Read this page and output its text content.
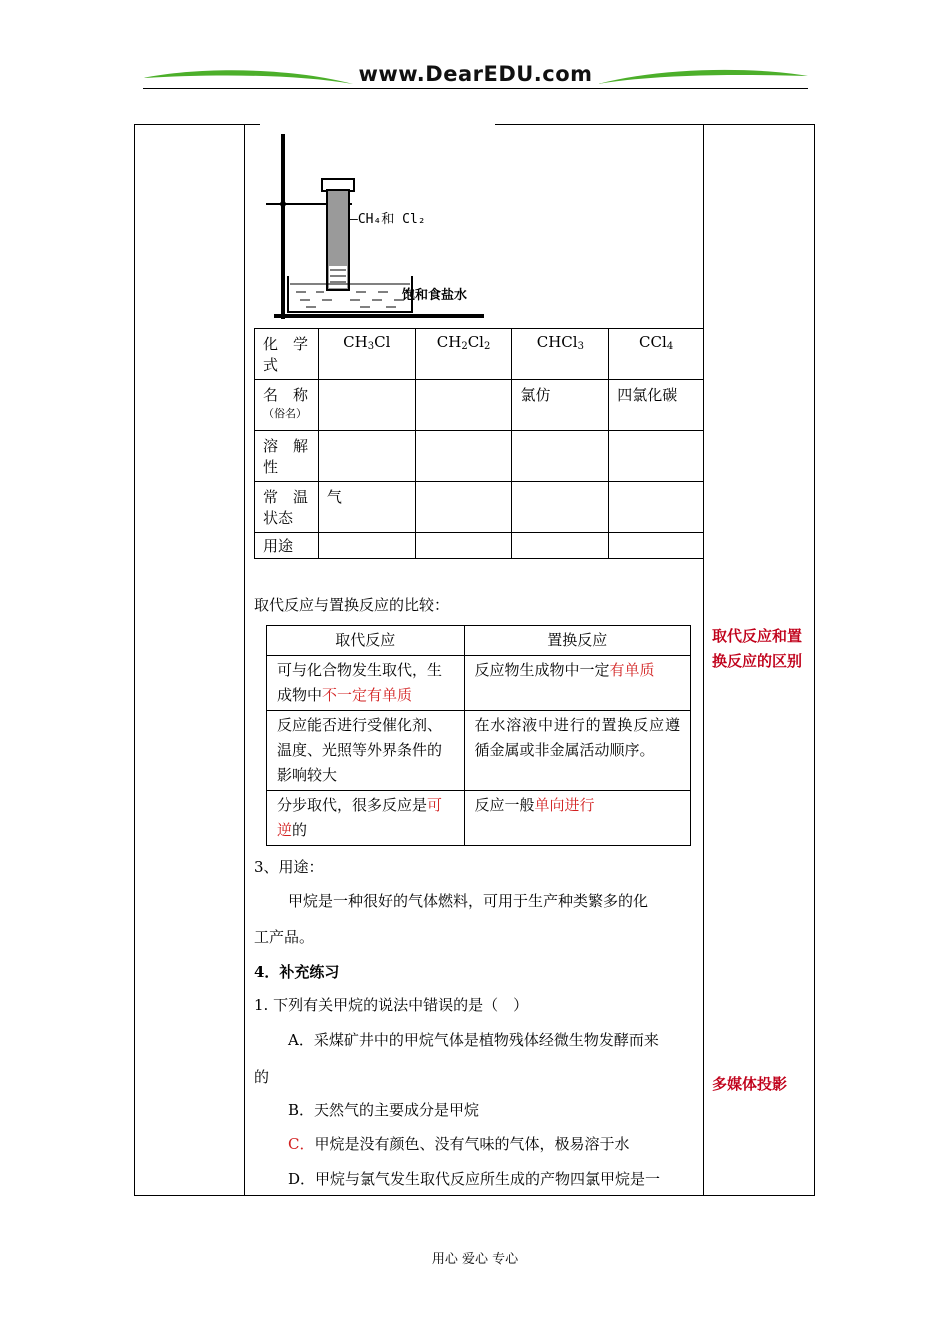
www.DearEDU.com
—CH₄和 Cl₂
饱和食盐水
化　学
式	$CH_3Cl$	$CH_2Cl_2$	CHCl$_3$	CCl$_4$

名　称
（俗名）			氯仿	四氯化碳

溶　解
性				

常　温
状态	气			
用途				
取代反应与置换反应的比较：
取代反应	置换反应
可与化合物发生取代，生成物中不一定有单质	反应物生成物中一定有单质
反应能否进行受催化剂、温度、光照等外界条件的影响较大	在水溶液中进行的置换反应遵循金属或非金属活动顺序。
分步取代，很多反应是可逆的	反应一般单向进行
3、用途：
甲烷是一种很好的气体燃料，可用于生产种类繁多的化
工产品。
4．补充练习
1. 下列有关甲烷的说法中错误的是（　）
A．采煤矿井中的甲烷气体是植物残体经微生物发酵而来
的
B．天然气的主要成分是甲烷
C．甲烷是没有颜色、没有气味的气体，极易溶于水
D．甲烷与氯气发生取代反应所生成的产物四氯甲烷是一
取代反应和置换反应的区别
多媒体投影
用心 爱心 专心
